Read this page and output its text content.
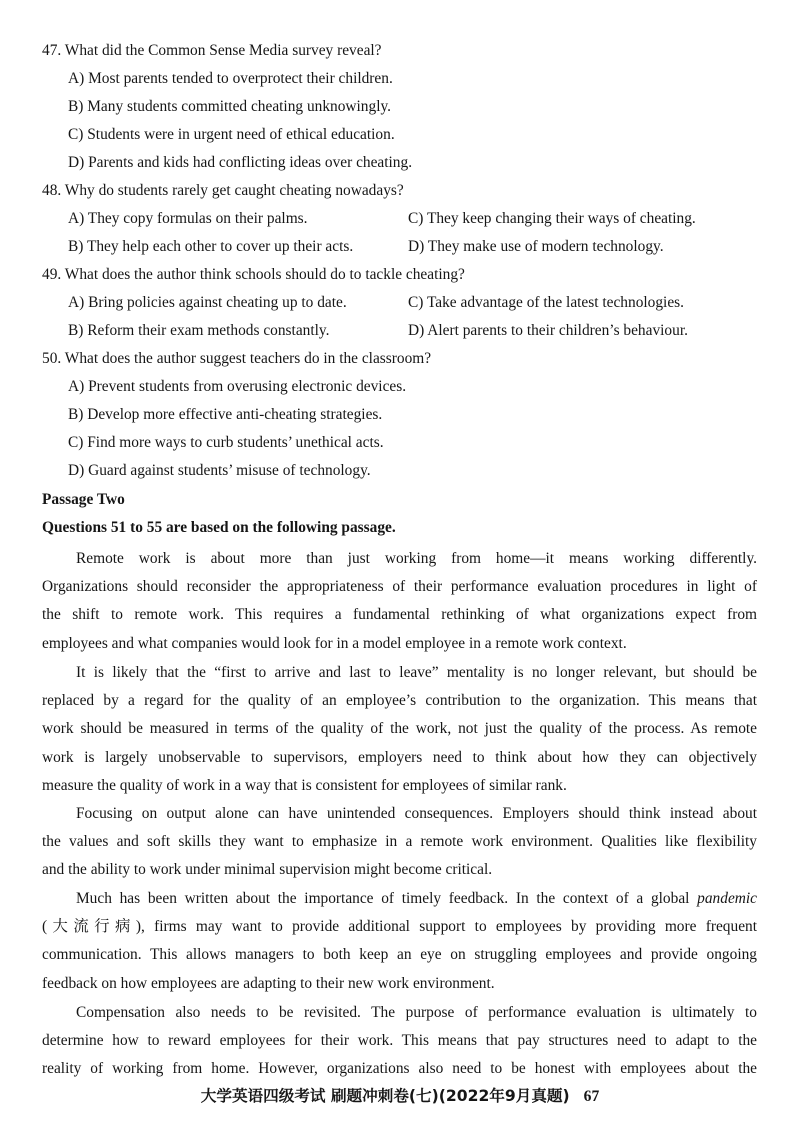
47. What did the Common Sense Media survey reveal?
A) Most parents tended to overprotect their children.
B) Many students committed cheating unknowingly.
C) Students were in urgent need of ethical education.
D) Parents and kids had conflicting ideas over cheating.
48. Why do students rarely get caught cheating nowadays?
A) They copy formulas on their palms.	C) They keep changing their ways of cheating.
B) They help each other to cover up their acts.	D) They make use of modern technology.
49. What does the author think schools should do to tackle cheating?
A) Bring policies against cheating up to date.	C) Take advantage of the latest technologies.
B) Reform their exam methods constantly.	D) Alert parents to their children’s behaviour.
50. What does the author suggest teachers do in the classroom?
A) Prevent students from overusing electronic devices.
B) Develop more effective anti-cheating strategies.
C) Find more ways to curb students’ unethical acts.
D) Guard against students’ misuse of technology.
Passage Two
Questions 51 to 55 are based on the following passage.
Remote work is about more than just working from home—it means working differently.
Organizations should reconsider the appropriateness of their performance evaluation procedures in light of
the shift to remote work. This requires a fundamental rethinking of what organizations expect from
employees and what companies would look for in a model employee in a remote work context.
It is likely that the “first to arrive and last to leave” mentality is no longer relevant, but should be
replaced by a regard for the quality of an employee’s contribution to the organization. This means that
work should be measured in terms of the quality of the work, not just the quality of the process. As remote
work is largely unobservable to supervisors, employers need to think about how they can objectively
measure the quality of work in a way that is consistent for employees of similar rank.
Focusing on output alone can have unintended consequences. Employers should think instead about
the values and soft skills they want to emphasize in a remote work environment. Qualities like flexibility
and the ability to work under minimal supervision might become critical.
Much has been written about the importance of timely feedback. In the context of a global pandemic
(大流行病), firms may want to provide additional support to employees by providing more frequent
communication. This allows managers to both keep an eye on struggling employees and provide ongoing
feedback on how employees are adapting to their new work environment.
Compensation also needs to be revisited. The purpose of performance evaluation is ultimately to
determine how to reward employees for their work. This means that pay structures need to adapt to the
reality of working from home. However, organizations also need to be honest with employees about the
大学英语四级考试 刷题冲刺卷(七)(2022年9月真题) 67
